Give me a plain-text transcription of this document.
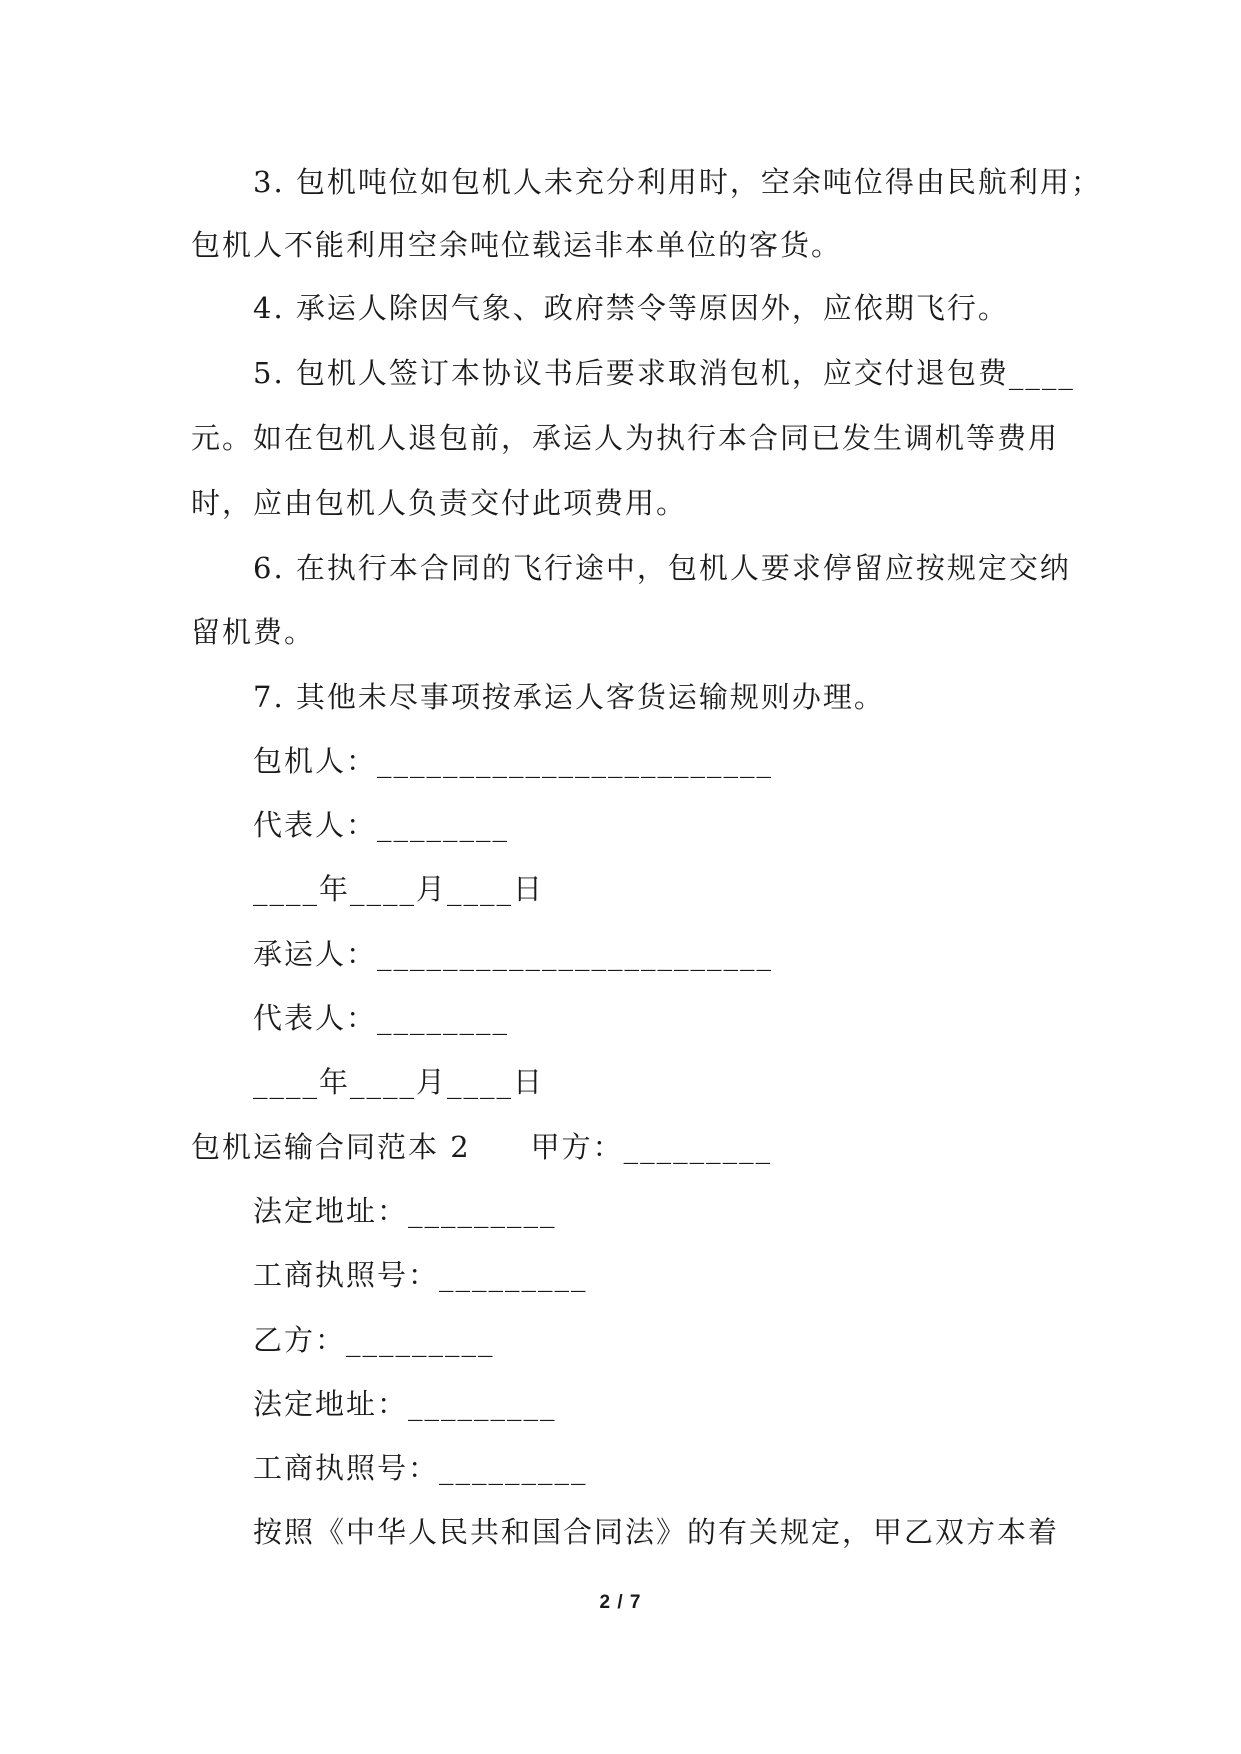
3. 包机吨位如包机人未充分利用时，空余吨位得由民航利用；
包机人不能利用空余吨位载运非本单位的客货。
4. 承运人除因气象、政府禁令等原因外，应依期飞行。
5. 包机人签订本协议书后要求取消包机，应交付退包费____
元。如在包机人退包前，承运人为执行本合同已发生调机等费用
时，应由包机人负责交付此项费用。
6. 在执行本合同的飞行途中，包机人要求停留应按规定交纳
留机费。
7. 其他未尽事项按承运人客货运输规则办理。
包机人：________________________
代表人：________
____年____月____日
承运人：________________________
代表人：________
____年____月____日
包机运输合同范本 2 甲方：_________
法定地址：_________
工商执照号：_________
乙方：_________
法定地址：_________
工商执照号：_________
按照《中华人民共和国合同法》的有关规定，甲乙双方本着
2 / 7
